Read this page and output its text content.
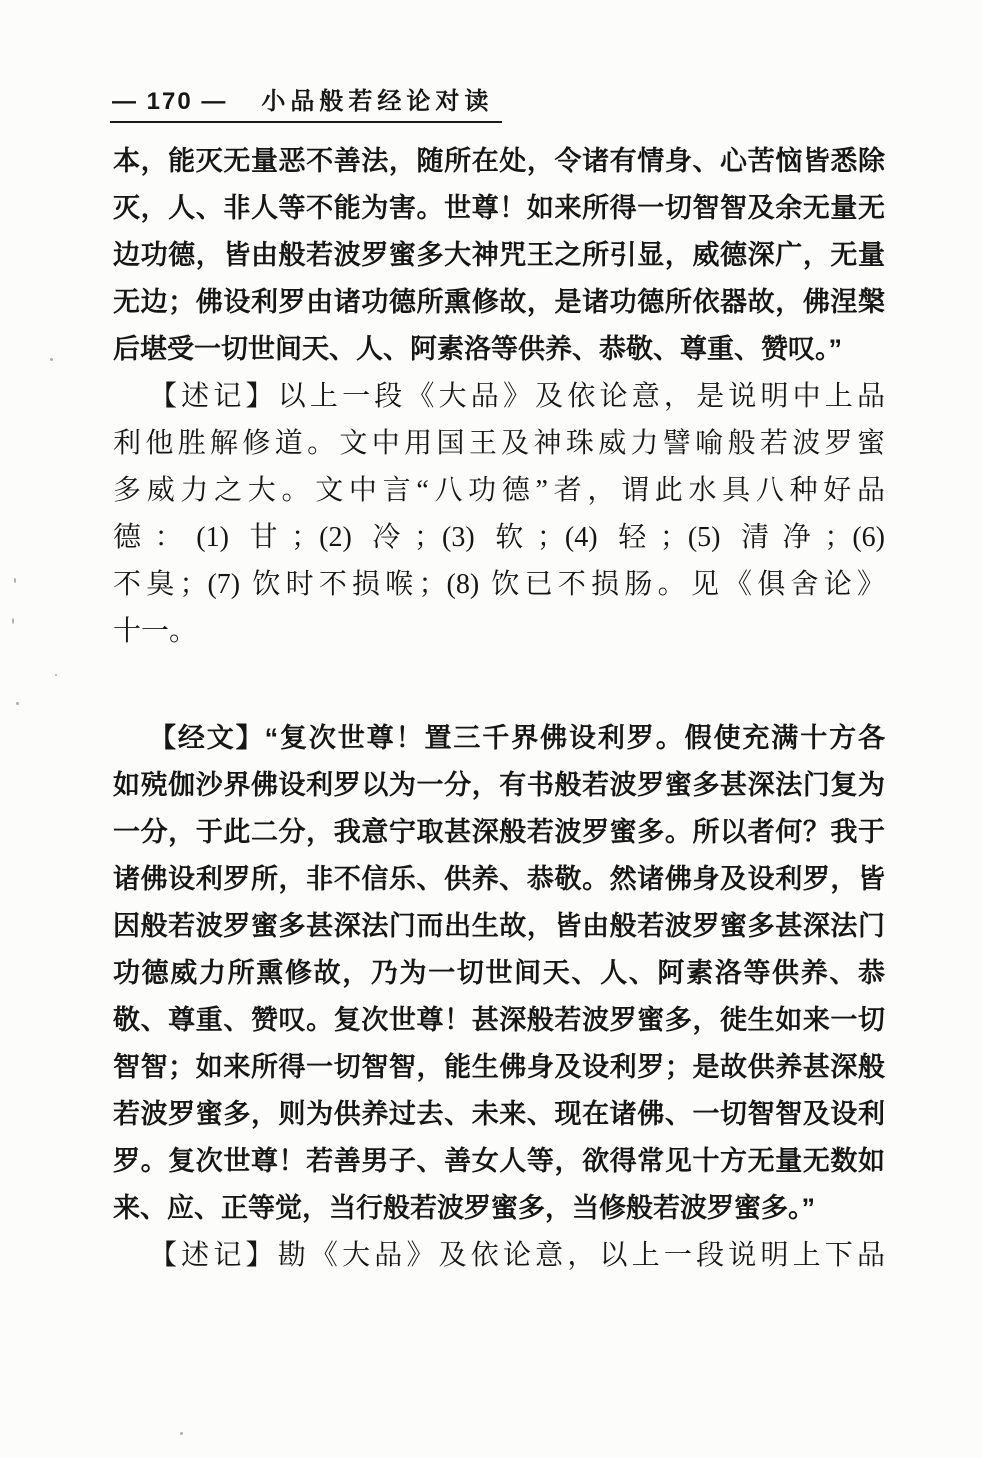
— 170 — 小品般若经论对读
本，能灭无量恶不善法，随所在处，令诸有情身、心苦恼皆悉除
灭，人、非人等不能为害。世尊！如来所得一切智智及余无量无
边功德，皆由般若波罗蜜多大神咒王之所引显，威德深广，无量
无边；佛设利罗由诸功德所熏修故，是诸功德所依器故，佛涅槃
后堪受一切世间天、人、阿素洛等供养、恭敬、尊重、赞叹。”
【述记】以上一段《大品》及依论意，是说明中上品
利他胜解修道。文中用国王及神珠威力譬喻般若波罗蜜
多威力之大。文中言“八功德”者，谓此水具八种好品
德：(1) 甘；(2) 冷；(3) 软；(4) 轻；(5) 清净；(6)
不臭；(7) 饮时不损喉；(8) 饮已不损肠。见《俱舍论》
十一。
【经文】“复次世尊！置三千界佛设利罗。假使充满十方各
如殑伽沙界佛设利罗以为一分，有书般若波罗蜜多甚深法门复为
一分，于此二分，我意宁取甚深般若波罗蜜多。所以者何？我于
诸佛设利罗所，非不信乐、供养、恭敬。然诸佛身及设利罗，皆
因般若波罗蜜多甚深法门而出生故，皆由般若波罗蜜多甚深法门
功德威力所熏修故，乃为一切世间天、人、阿素洛等供养、恭
敬、尊重、赞叹。复次世尊！甚深般若波罗蜜多，徙生如来一切
智智；如来所得一切智智，能生佛身及设利罗；是故供养甚深般
若波罗蜜多，则为供养过去、未来、现在诸佛、一切智智及设利
罗。复次世尊！若善男子、善女人等，欲得常见十方无量无数如
来、应、正等觉，当行般若波罗蜜多，当修般若波罗蜜多。”
【述记】勘《大品》及依论意，以上一段说明上下品
